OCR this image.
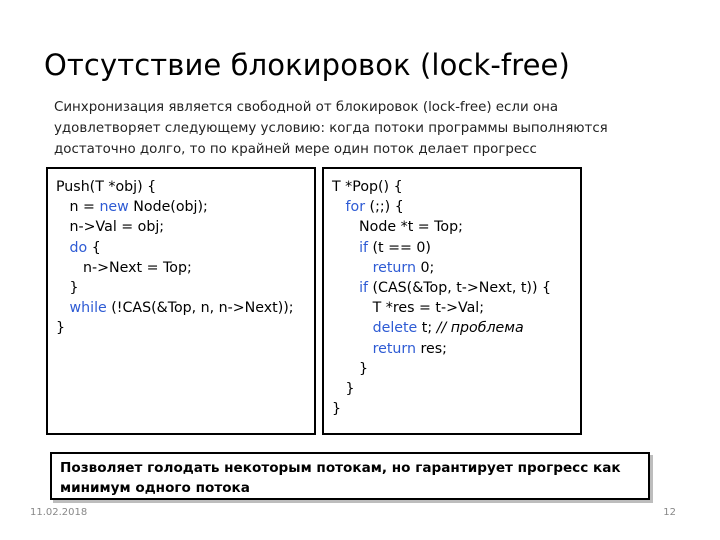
Отсутствие блокировок (lock-free)
Синхронизация является свободной от блокировок (lock-free) если она
удовлетворяет следующему условию: когда потоки программы выполняются
достаточно долго, то по крайней мере один поток делает прогресс
Push(T *obj) {
n = new Node(obj);
n->Val = obj;
do {
n->Next = Top;
}
while (!CAS(&Top, n, n->Next));
}
T *Pop() {
for (;;) {
Node *t = Top;
if (t == 0)
return 0;
if (CAS(&Top, t->Next, t)) {
T *res = t->Val;
delete t; // проблема
return res;
}
}
}
Позволяет голодать некоторым потокам, но гарантирует прогресс как
минимум одного потока
11.02.2018	12
